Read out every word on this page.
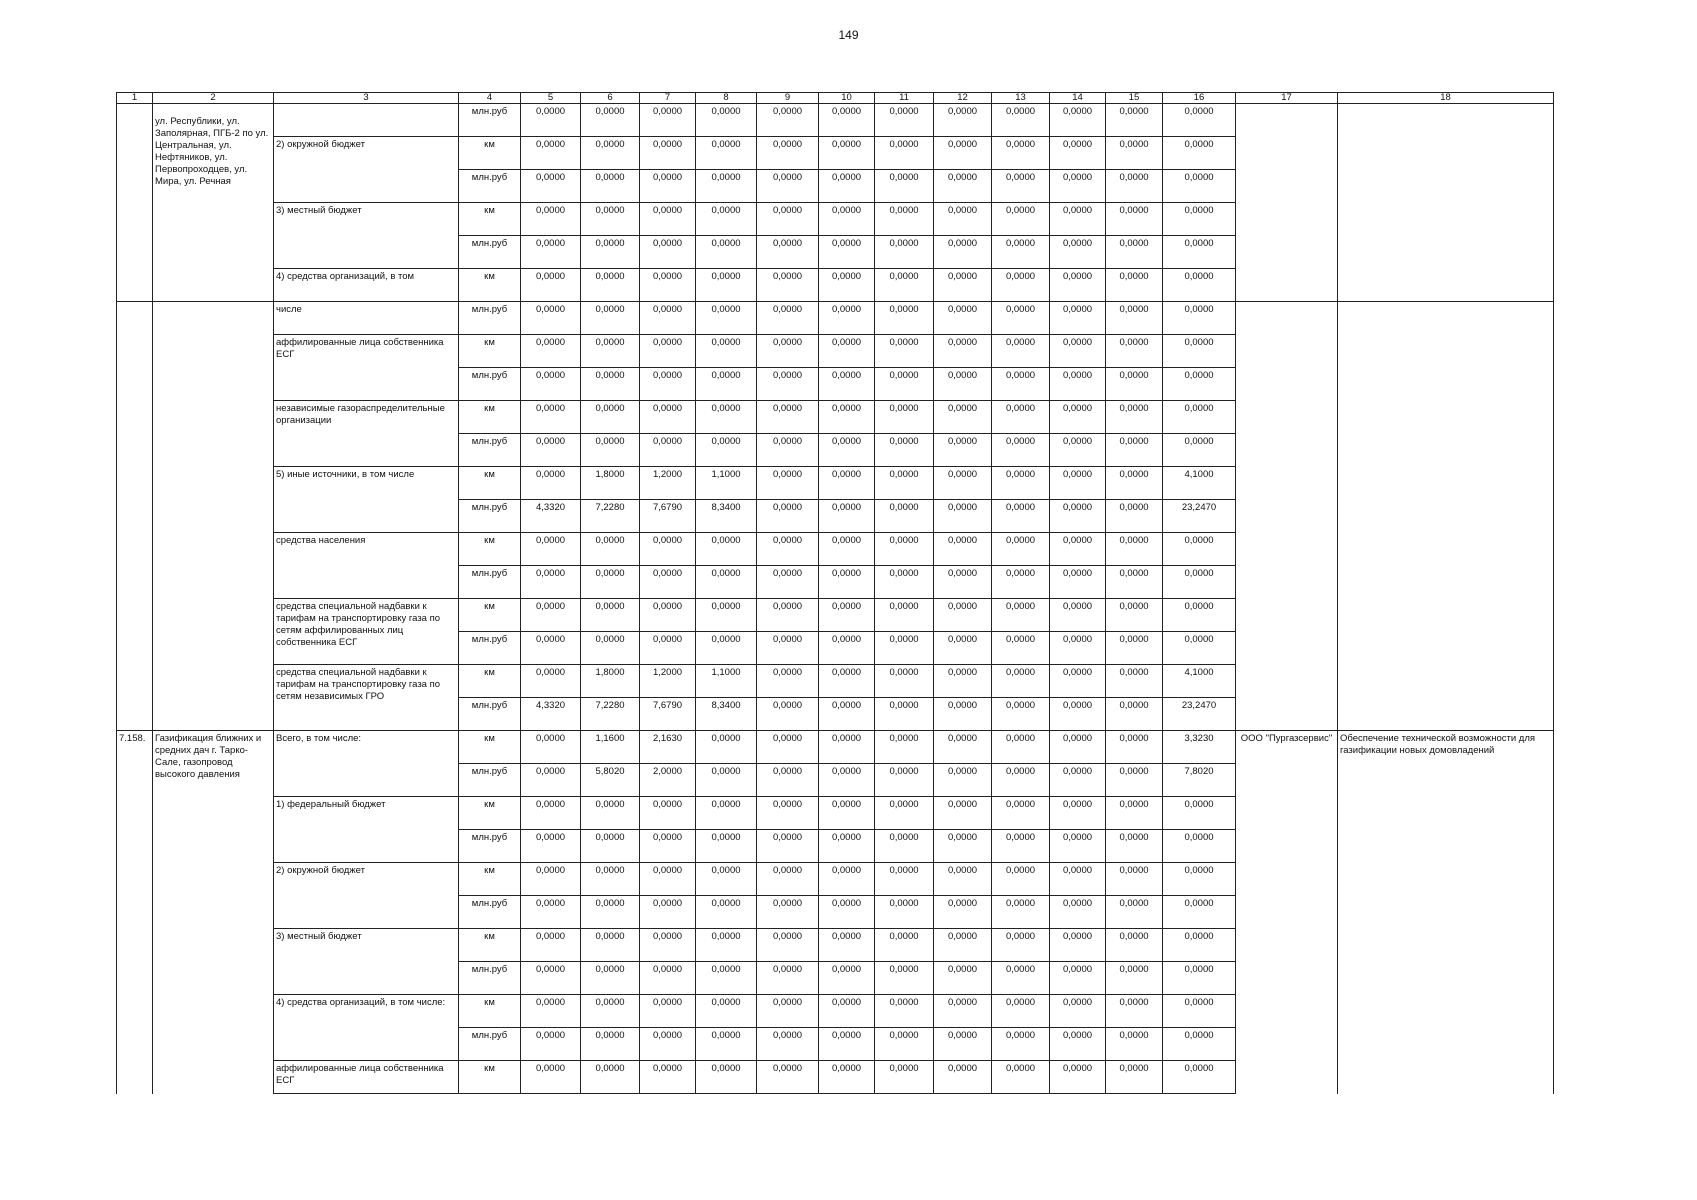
149
1	2	3	4	5	6	7	8	9	10	11	12	13	14	15	16	17	18
	ул. Республики, ул. Заполярная, ПГБ-2 по ул. Центральная, ул. Нефтяников, ул. Первопроходцев, ул. Мира, ул. Речная		млн.руб	0,0000	0,0000	0,0000	0,0000	0,0000	0,0000	0,0000	0,0000	0,0000	0,0000	0,0000	0,0000		
		2) окружной бюджет	км	0,0000	0,0000	0,0000	0,0000	0,0000	0,0000	0,0000	0,0000	0,0000	0,0000	0,0000	0,0000		
			млн.руб	0,0000	0,0000	0,0000	0,0000	0,0000	0,0000	0,0000	0,0000	0,0000	0,0000	0,0000	0,0000		
		3) местный бюджет	км	0,0000	0,0000	0,0000	0,0000	0,0000	0,0000	0,0000	0,0000	0,0000	0,0000	0,0000	0,0000		
			млн.руб	0,0000	0,0000	0,0000	0,0000	0,0000	0,0000	0,0000	0,0000	0,0000	0,0000	0,0000	0,0000		
		4) средства организаций, в том	км	0,0000	0,0000	0,0000	0,0000	0,0000	0,0000	0,0000	0,0000	0,0000	0,0000	0,0000	0,0000		
		числе	млн.руб	0,0000	0,0000	0,0000	0,0000	0,0000	0,0000	0,0000	0,0000	0,0000	0,0000	0,0000	0,0000		
		аффилированные лица собственника ЕСГ	км	0,0000	0,0000	0,0000	0,0000	0,0000	0,0000	0,0000	0,0000	0,0000	0,0000	0,0000	0,0000		
			млн.руб	0,0000	0,0000	0,0000	0,0000	0,0000	0,0000	0,0000	0,0000	0,0000	0,0000	0,0000	0,0000		
		независимые газораспределительные организации	км	0,0000	0,0000	0,0000	0,0000	0,0000	0,0000	0,0000	0,0000	0,0000	0,0000	0,0000	0,0000		
			млн.руб	0,0000	0,0000	0,0000	0,0000	0,0000	0,0000	0,0000	0,0000	0,0000	0,0000	0,0000	0,0000		
		5) иные источники, в том числе	км	0,0000	1,8000	1,2000	1,1000	0,0000	0,0000	0,0000	0,0000	0,0000	0,0000	0,0000	4,1000		
			млн.руб	4,3320	7,2280	7,6790	8,3400	0,0000	0,0000	0,0000	0,0000	0,0000	0,0000	0,0000	23,2470		
		средства населения	км	0,0000	0,0000	0,0000	0,0000	0,0000	0,0000	0,0000	0,0000	0,0000	0,0000	0,0000	0,0000		
			млн.руб	0,0000	0,0000	0,0000	0,0000	0,0000	0,0000	0,0000	0,0000	0,0000	0,0000	0,0000	0,0000		
		средства специальной надбавки к тарифам на транспортировку газа по сетям аффилированных лиц собственника ЕСГ	км	0,0000	0,0000	0,0000	0,0000	0,0000	0,0000	0,0000	0,0000	0,0000	0,0000	0,0000	0,0000		
			млн.руб	0,0000	0,0000	0,0000	0,0000	0,0000	0,0000	0,0000	0,0000	0,0000	0,0000	0,0000	0,0000		
		средства специальной надбавки к тарифам на транспортировку газа по сетям независимых ГРО	км	0,0000	1,8000	1,2000	1,1000	0,0000	0,0000	0,0000	0,0000	0,0000	0,0000	0,0000	4,1000		
			млн.руб	4,3320	7,2280	7,6790	8,3400	0,0000	0,0000	0,0000	0,0000	0,0000	0,0000	0,0000	23,2470		
7.158.	Газификация ближних и средних дач г. Тарко-Сале, газопровод высокого давления	Всего, в том числе:	км	0,0000	1,1600	2,1630	0,0000	0,0000	0,0000	0,0000	0,0000	0,0000	0,0000	0,0000	3,3230	ООО "Пургазсервис"	Обеспечение технической возможности для газификации новых домовладений
			млн.руб	0,0000	5,8020	2,0000	0,0000	0,0000	0,0000	0,0000	0,0000	0,0000	0,0000	0,0000	7,8020		
		1) федеральный бюджет	км	0,0000	0,0000	0,0000	0,0000	0,0000	0,0000	0,0000	0,0000	0,0000	0,0000	0,0000	0,0000		
			млн.руб	0,0000	0,0000	0,0000	0,0000	0,0000	0,0000	0,0000	0,0000	0,0000	0,0000	0,0000	0,0000		
		2) окружной бюджет	км	0,0000	0,0000	0,0000	0,0000	0,0000	0,0000	0,0000	0,0000	0,0000	0,0000	0,0000	0,0000		
			млн.руб	0,0000	0,0000	0,0000	0,0000	0,0000	0,0000	0,0000	0,0000	0,0000	0,0000	0,0000	0,0000		
		3) местный бюджет	км	0,0000	0,0000	0,0000	0,0000	0,0000	0,0000	0,0000	0,0000	0,0000	0,0000	0,0000	0,0000		
			млн.руб	0,0000	0,0000	0,0000	0,0000	0,0000	0,0000	0,0000	0,0000	0,0000	0,0000	0,0000	0,0000		
		4) средства организаций, в том числе:	км	0,0000	0,0000	0,0000	0,0000	0,0000	0,0000	0,0000	0,0000	0,0000	0,0000	0,0000	0,0000		
			млн.руб	0,0000	0,0000	0,0000	0,0000	0,0000	0,0000	0,0000	0,0000	0,0000	0,0000	0,0000	0,0000		
		аффилированные лица собственника ЕСГ	км	0,0000	0,0000	0,0000	0,0000	0,0000	0,0000	0,0000	0,0000	0,0000	0,0000	0,0000	0,0000		
